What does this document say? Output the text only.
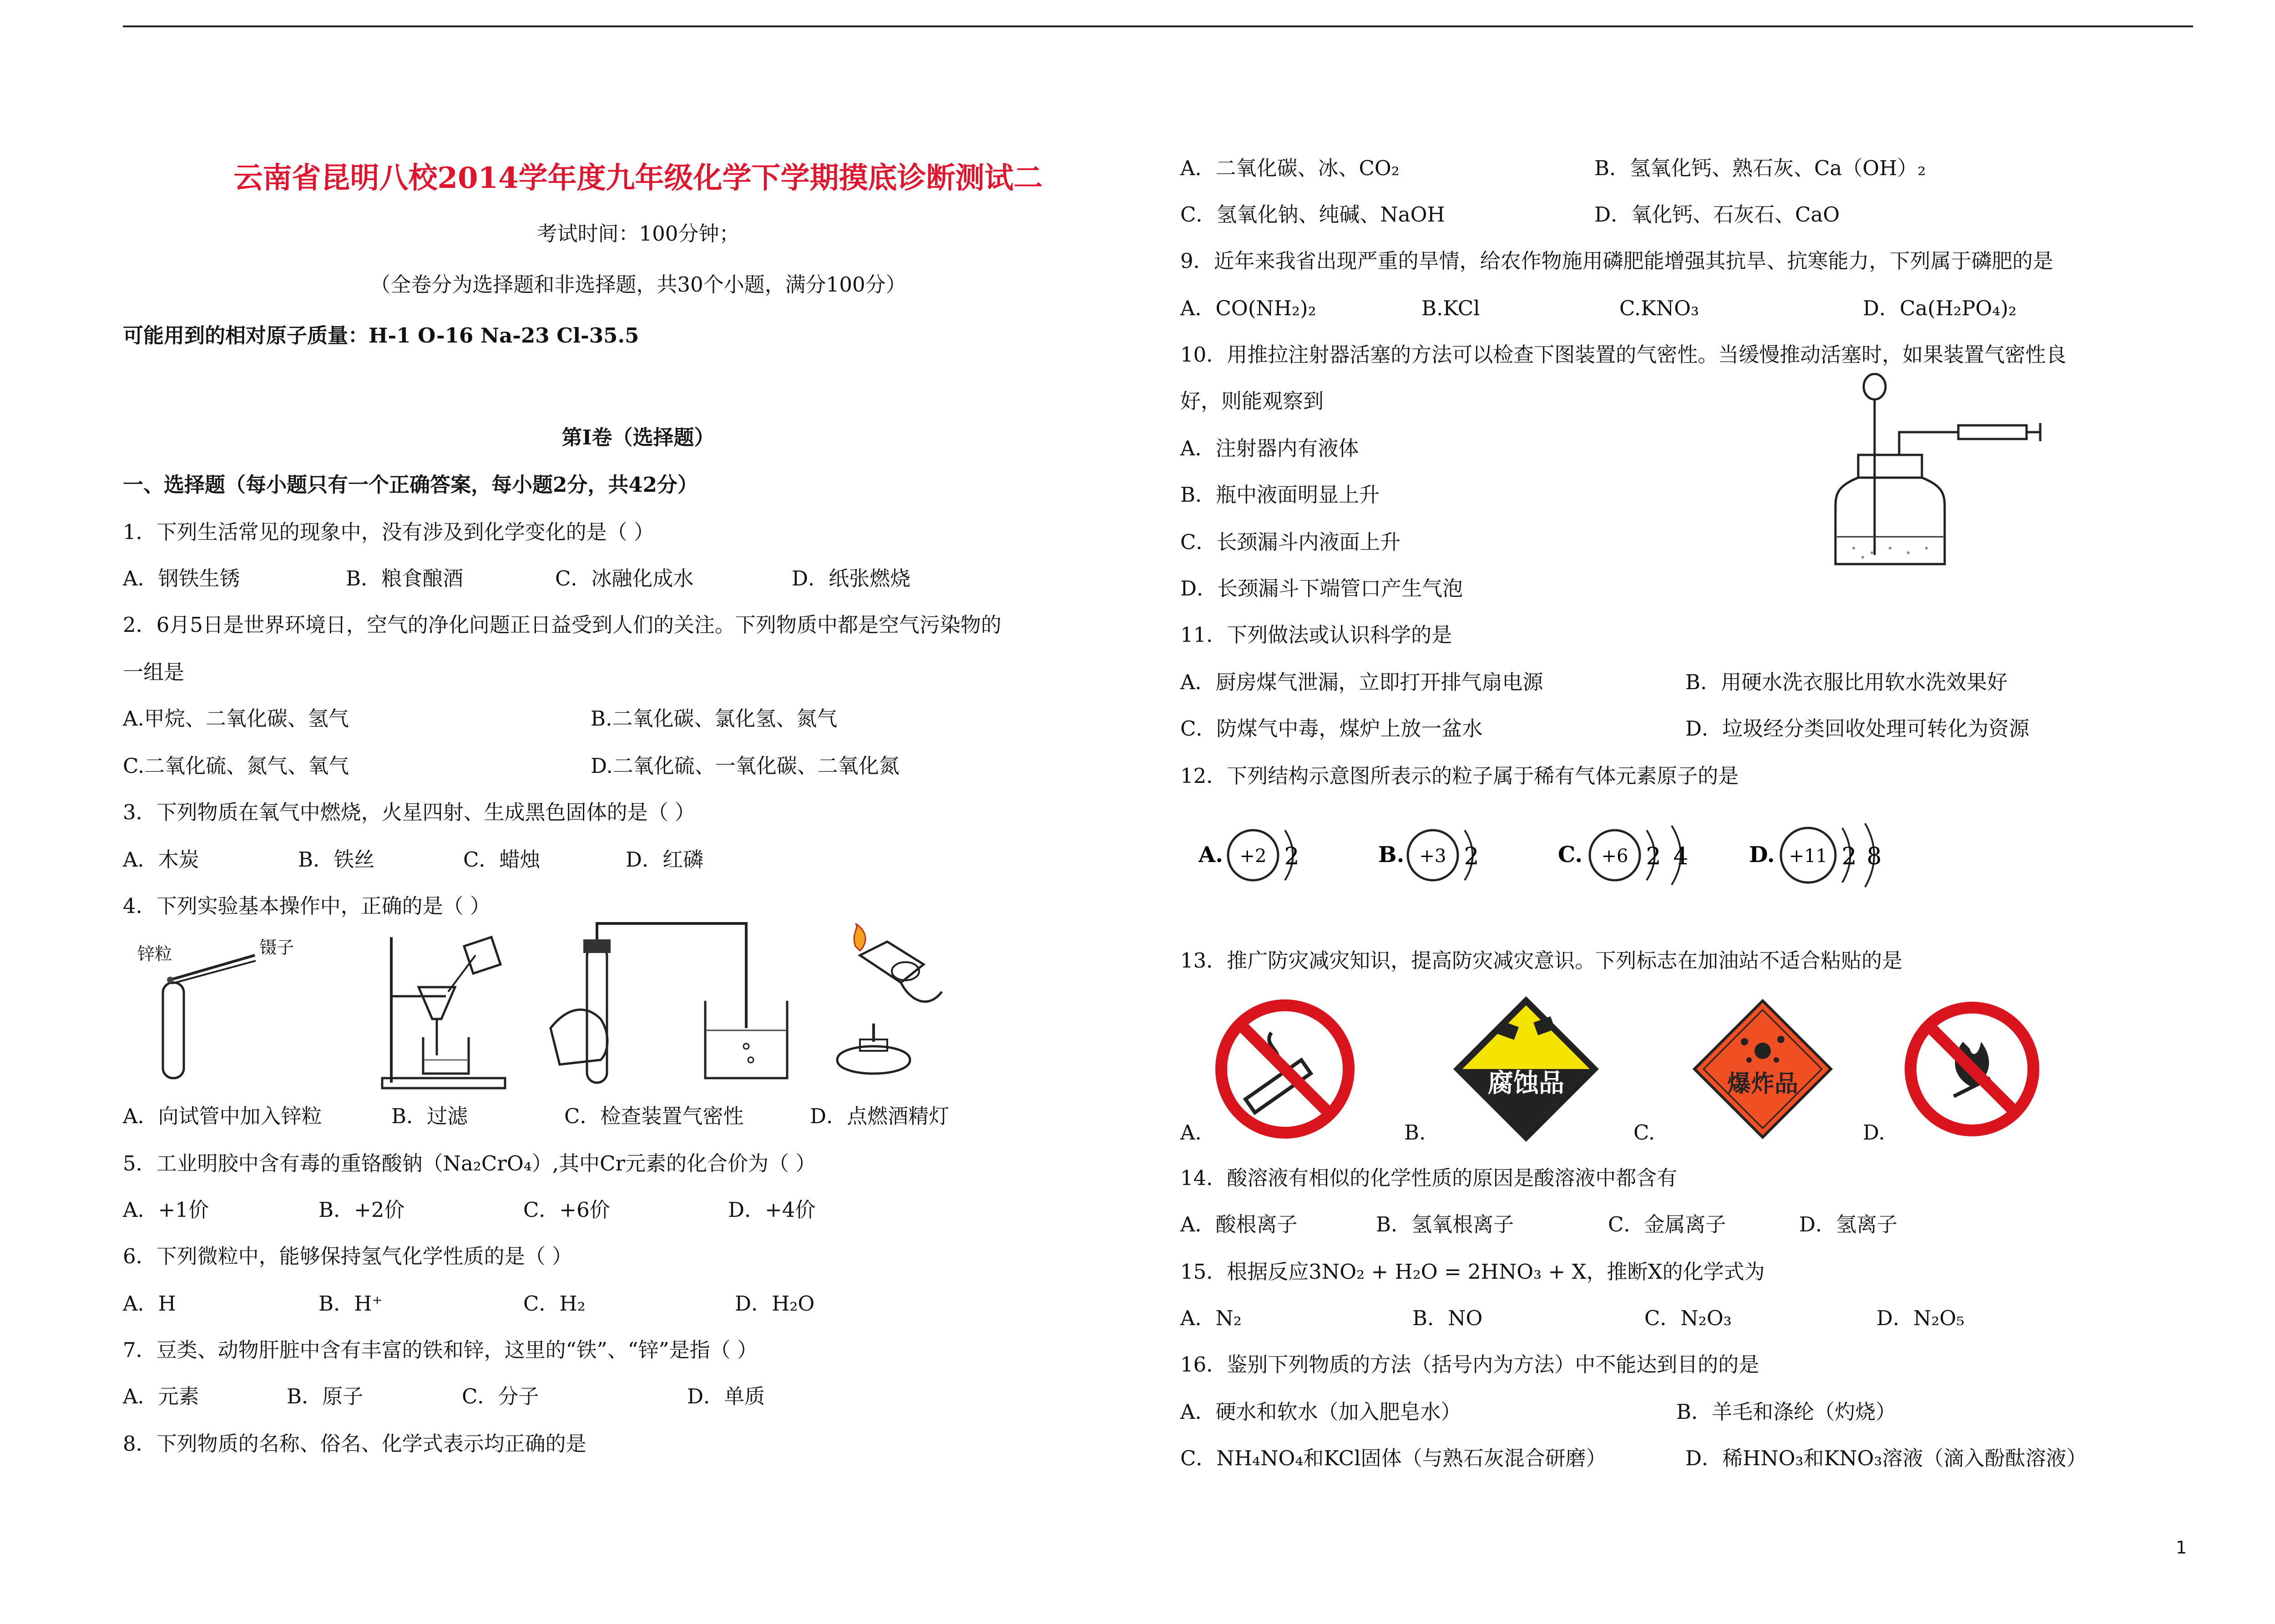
云南省昆明八校2014学年度九年级化学下学期摸底诊断测试二
考试时间：100分钟；
（全卷分为选择题和非选择题，共30个小题，满分100分）
可能用到的相对原子质量：H-1 O-16 Na-23 Cl-35.5
第Ⅰ卷（选择题）
一、选择题（每小题只有一个正确答案，每小题2分，共42分）
1．下列生活常见的现象中，没有涉及到化学变化的是（ ）
A．钢铁生锈	B．粮食酿酒	C．冰融化成水	D．纸张燃烧
2．6月5日是世界环境日，空气的净化问题正日益受到人们的关注。下列物质中都是空气污染物的
一组是
A.甲烷、二氧化碳、氢气	B.二氧化碳、氯化氢、氮气
C.二氧化硫、氮气、氧气	D.二氧化硫、一氧化碳、二氧化氮
3．下列物质在氧气中燃烧，火星四射、生成黑色固体的是（ ）
A．木炭	B．铁丝	C．蜡烛	D．红磷
4．下列实验基本操作中，正确的是（ ）
锌粒	镊子
A．向试管中加入锌粒	B．过滤	C．检查装置气密性	D．点燃酒精灯
5．工业明胶中含有毒的重铬酸钠（Na₂CrO₄）,其中Cr元素的化合价为（ ）
A．+1价	B．+2价	C．+6价	D．+4价
6．下列微粒中，能够保持氢气化学性质的是（ ）
A．H	B．H⁺	C．H₂	D．H₂O
7．豆类、动物肝脏中含有丰富的铁和锌，这里的“铁”、“锌”是指（ ）
A．元素	B．原子	C．分子	D．单质
8．下列物质的名称、俗名、化学式表示均正确的是
A．二氧化碳、冰、CO₂	B．氢氧化钙、熟石灰、Ca（OH）₂
C．氢氧化钠、纯碱、NaOH	D．氧化钙、石灰石、CaO
9．近年来我省出现严重的旱情，给农作物施用磷肥能增强其抗旱、抗寒能力，下列属于磷肥的是
A．CO(NH₂)₂	B.KCl	C.KNO₃	D．Ca(H₂PO₄)₂
10．用推拉注射器活塞的方法可以检查下图装置的气密性。当缓慢推动活塞时，如果装置气密性良
好，则能观察到
A．注射器内有液体
B．瓶中液面明显上升
C．长颈漏斗内液面上升
D．长颈漏斗下端管口产生气泡
11．下列做法或认识科学的是
A．厨房煤气泄漏，立即打开排气扇电源	B．用硬水洗衣服比用软水洗效果好
C．防煤气中毒，煤炉上放一盆水	D．垃圾经分类回收处理可转化为资源
12．下列结构示意图所表示的粒子属于稀有气体元素原子的是
A. +2 2	B. +3 2	C. +6 2 4	D. +11 2 8
13．推广防灾减灾知识，提高防灾减灾意识。下列标志在加油站不适合粘贴的是
腐蚀品	爆炸品
A.	B.	C.	D.
14．酸溶液有相似的化学性质的原因是酸溶液中都含有
A．酸根离子	B．氢氧根离子	C．金属离子	D．氢离子
15．根据反应3NO₂ + H₂O = 2HNO₃ + X，推断X的化学式为
A．N₂	B．NO	C．N₂O₃	D．N₂O₅
16．鉴别下列物质的方法（括号内为方法）中不能达到目的的是
A．硬水和软水（加入肥皂水）	B．羊毛和涤纶（灼烧）
C．NH₄NO₄和KCl固体（与熟石灰混合研磨）	D．稀HNO₃和KNO₃溶液（滴入酚酞溶液）
1
